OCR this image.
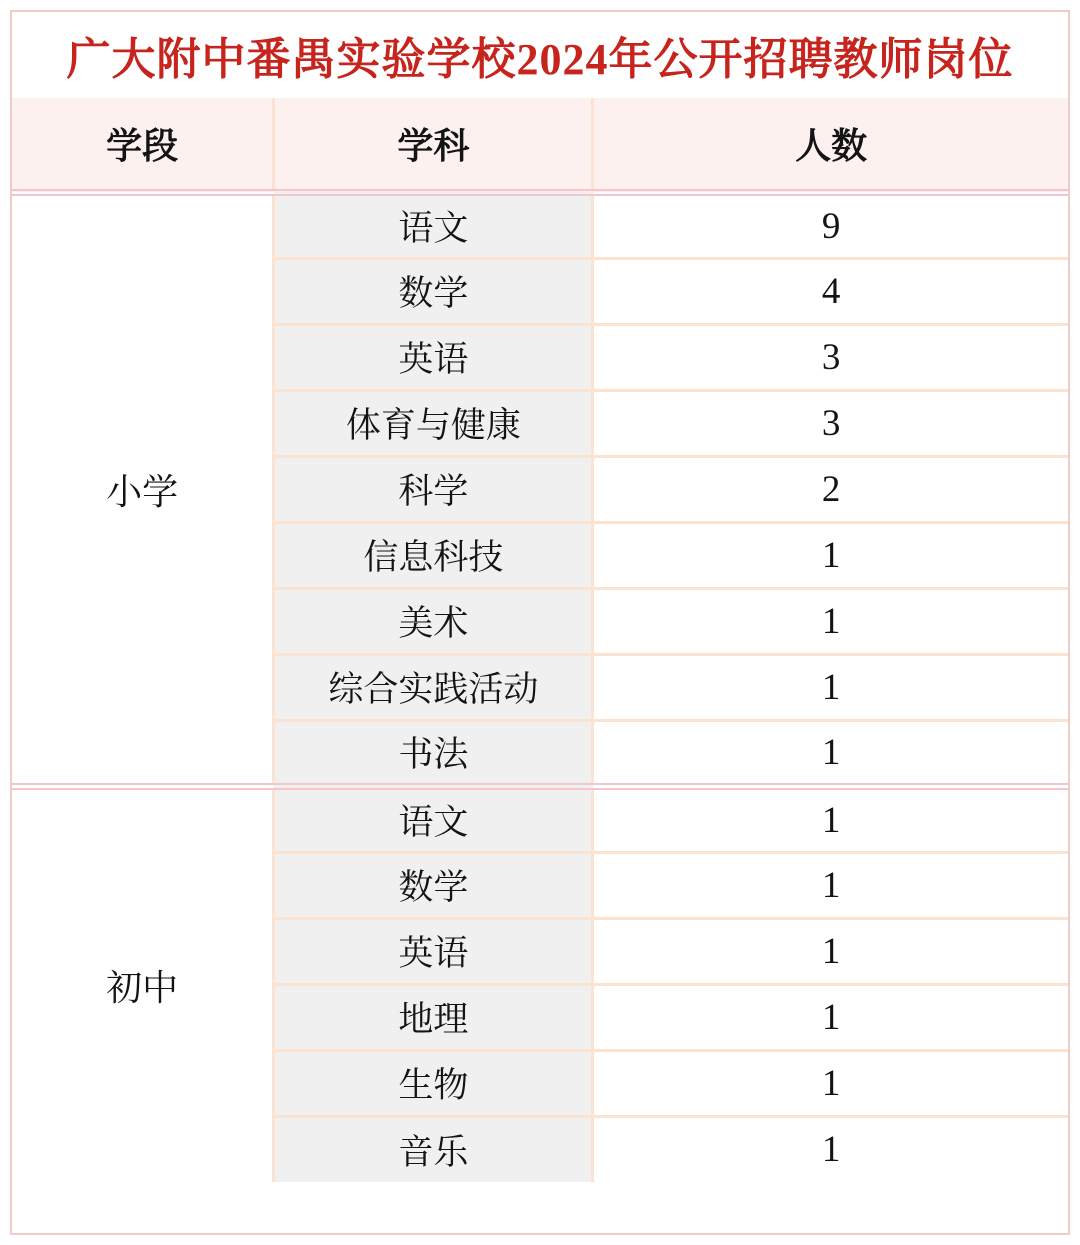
广大附中番禺实验学校2024年公开招聘教师岗位
学段	学科	人数
小学	语文	9
	数学	4
	英语	3
	体育与健康	3
	科学	2
	信息科技	1
	美术	1
	综合实践活动	1
	书法	1
初中	语文	1
	数学	1
	英语	1
	地理	1
	生物	1
	音乐	1
